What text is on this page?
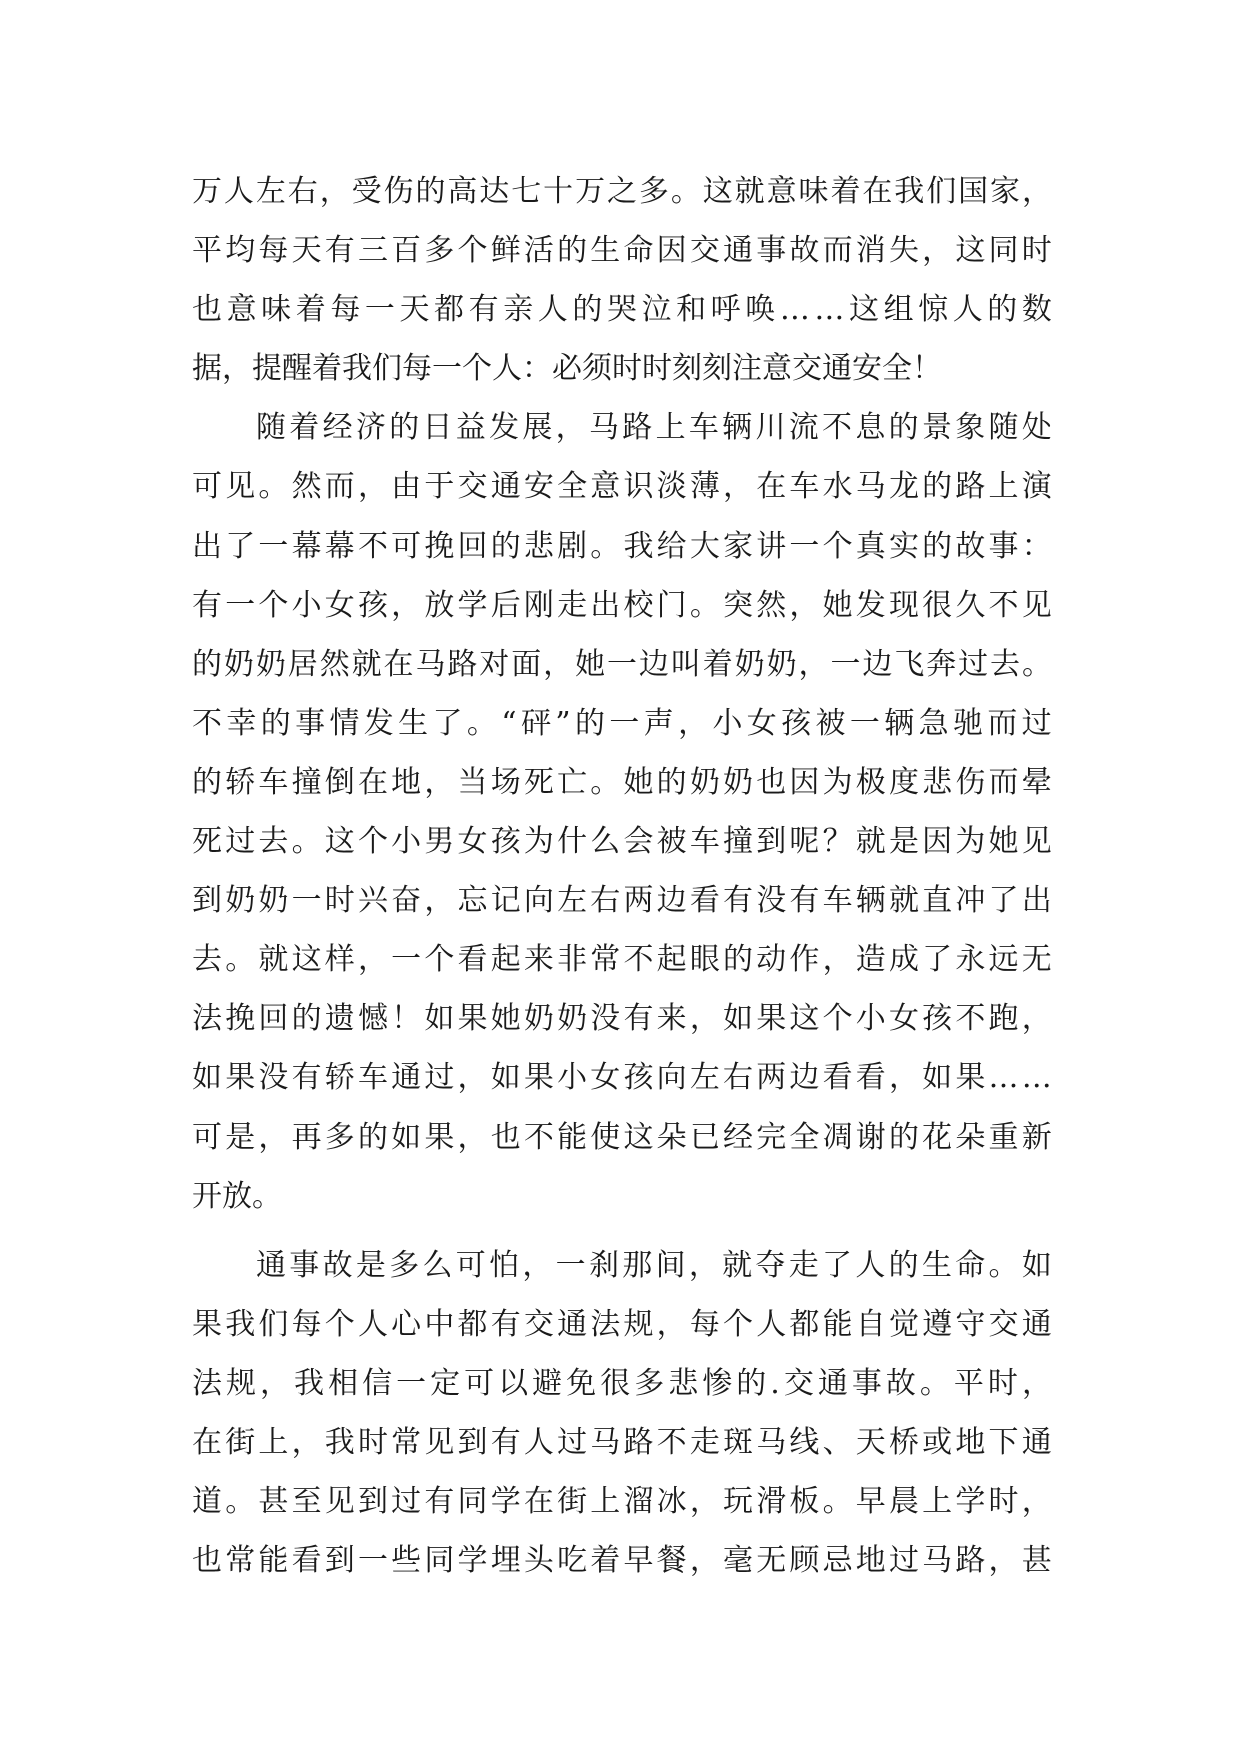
万 人 左 右 ， 受 伤 的 高 达 七 十 万 之 多 。 这 就 意 味 着 在 我 们 国 家 ，
平 均 每 天 有 三 百 多 个 鲜 活 的 生 命 因 交 通 事 故 而 消 失 ， 这 同 时
也 意 味 着 每 一 天 都 有 亲 人 的 哭 泣 和 呼 唤 … … 这 组 惊 人 的 数
据，提醒着我们每一个人：必须时时刻刻注意交通安全！
随 着 经 济 的 日 益 发 展 ， 马 路 上 车 辆 川 流 不 息 的 景 象 随 处
可 见 。 然 而 ， 由 于 交 通 安 全 意 识 淡 薄 ， 在 车 水 马 龙 的 路 上 演
出 了 一 幕 幕 不 可 挽 回 的 悲 剧 。 我 给 大 家 讲 一 个 真 实 的 故 事 ：
有 一 个 小 女 孩 ， 放 学 后 刚 走 出 校 门 。 突 然 ， 她 发 现 很 久 不 见
的 奶 奶 居 然 就 在 马 路 对 面 ， 她 一 边 叫 着 奶 奶 ， 一 边 飞 奔 过 去 。
不 幸 的 事 情 发 生 了 。 “ 砰 ” 的 一 声 ， 小 女 孩 被 一 辆 急 驰 而 过
的 轿 车 撞 倒 在 地 ， 当 场 死 亡 。 她 的 奶 奶 也 因 为 极 度 悲 伤 而 晕
死 过 去 。 这 个 小 男 女 孩 为 什 么 会 被 车 撞 到 呢 ？ 就 是 因 为 她 见
到 奶 奶 一 时 兴 奋 ， 忘 记 向 左 右 两 边 看 有 没 有 车 辆 就 直 冲 了 出
去 。 就 这 样 ， 一 个 看 起 来 非 常 不 起 眼 的 动 作 ， 造 成 了 永 远 无
法 挽 回 的 遗 憾 ！ 如 果 她 奶 奶 没 有 来 ， 如 果 这 个 小 女 孩 不 跑 ，
如 果 没 有 轿 车 通 过 ， 如 果 小 女 孩 向 左 右 两 边 看 看 ， 如 果 … …
可 是 ， 再 多 的 如 果 ， 也 不 能 使 这 朵 已 经 完 全 凋 谢 的 花 朵 重 新
开放。
通 事 故 是 多 么 可 怕 ， 一 刹 那 间 ， 就 夺 走 了 人 的 生 命 。 如
果 我 们 每 个 人 心 中 都 有 交 通 法 规 ， 每 个 人 都 能 自 觉 遵 守 交 通
法 规 ， 我 相 信 一 定 可 以 避 免 很 多 悲 惨 的 . 交 通 事 故 。 平 时 ，
在 街 上 ， 我 时 常 见 到 有 人 过 马 路 不 走 斑 马 线 、 天 桥 或 地 下 通
道 。 甚 至 见 到 过 有 同 学 在 街 上 溜 冰 ， 玩 滑 板 。 早 晨 上 学 时 ，
也 常 能 看 到 一 些 同 学 埋 头 吃 着 早 餐 ， 毫 无 顾 忌 地 过 马 路 ， 甚
